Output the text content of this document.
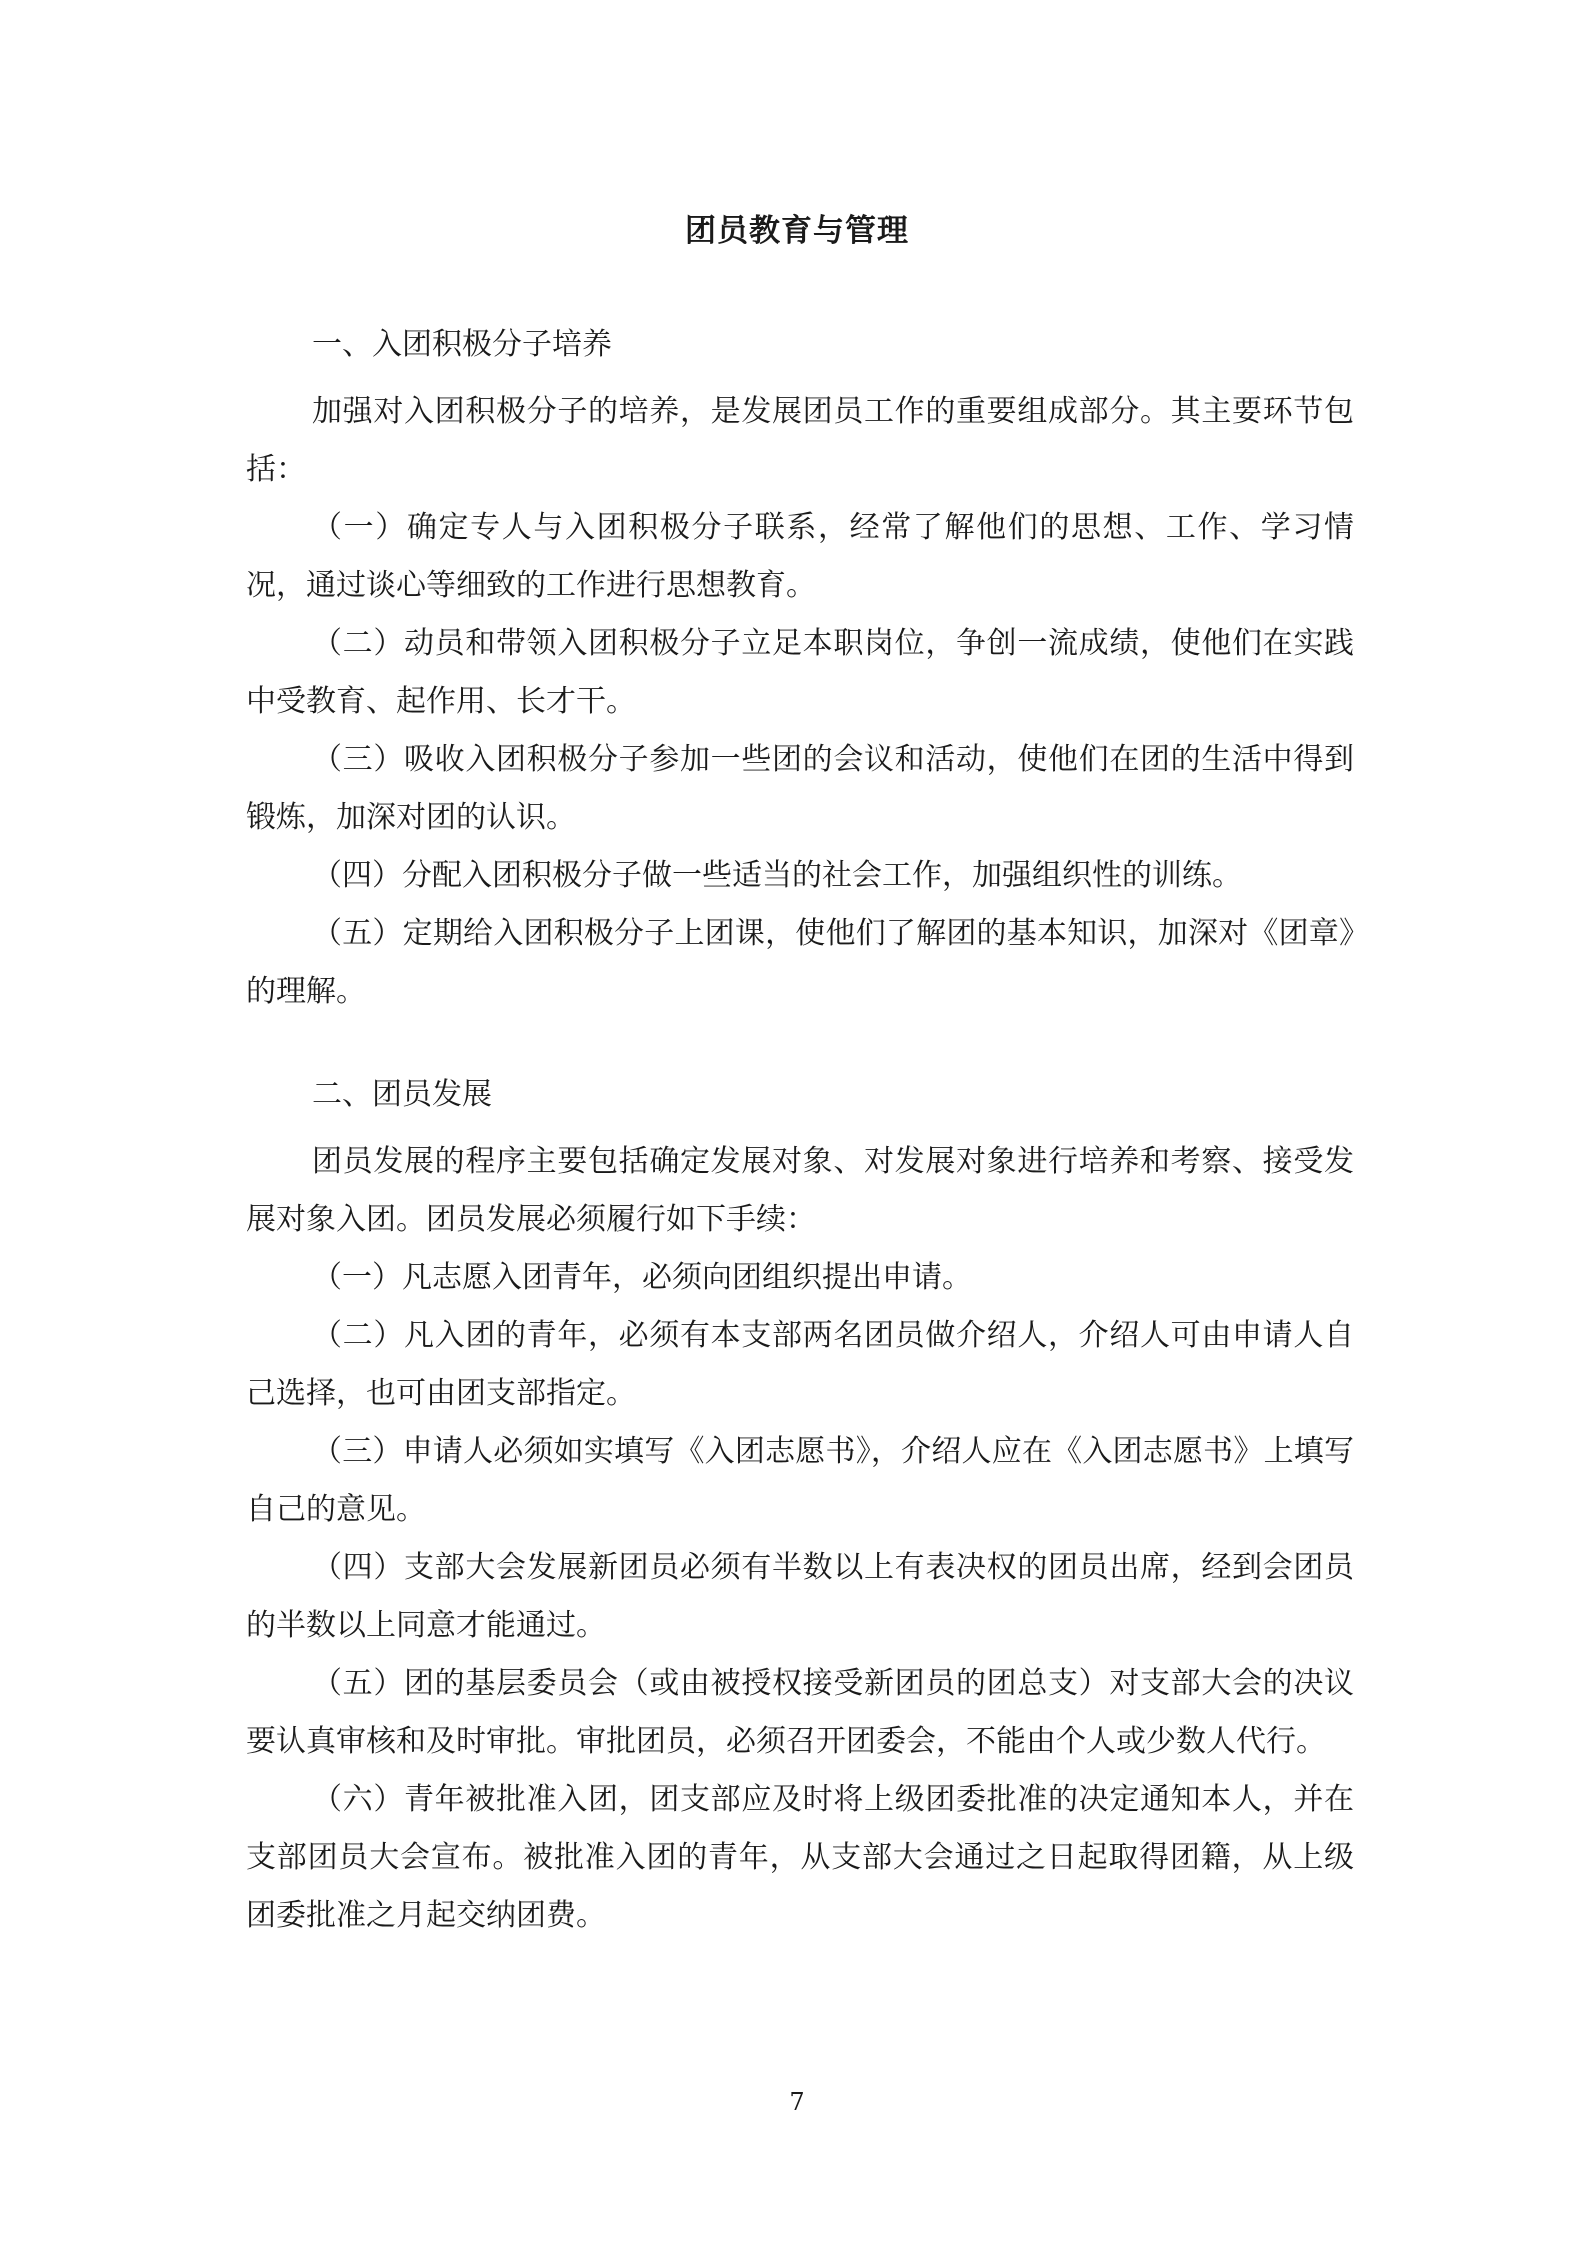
团员教育与管理
一、入团积极分子培养

加强对入团积极分子的培养，是发展团员工作的重要组成部分。其主要环节包括：

（一）确定专人与入团积极分子联系，经常了解他们的思想、工作、学习情况，通过谈心等细致的工作进行思想教育。

（二）动员和带领入团积极分子立足本职岗位，争创一流成绩，使他们在实践中受教育、起作用、长才干。

（三）吸收入团积极分子参加一些团的会议和活动，使他们在团的生活中得到锻炼，加深对团的认识。

（四）分配入团积极分子做一些适当的社会工作，加强组织性的训练。

（五）定期给入团积极分子上团课，使他们了解团的基本知识，加深对《团章》的理解。

二、团员发展

团员发展的程序主要包括确定发展对象、对发展对象进行培养和考察、接受发展对象入团。团员发展必须履行如下手续：

（一）凡志愿入团青年，必须向团组织提出申请。

（二）凡入团的青年，必须有本支部两名团员做介绍人，介绍人可由申请人自己选择，也可由团支部指定。

（三）申请人必须如实填写《入团志愿书》，介绍人应在《入团志愿书》上填写自己的意见。

（四）支部大会发展新团员必须有半数以上有表决权的团员出席，经到会团员的半数以上同意才能通过。

（五）团的基层委员会（或由被授权接受新团员的团总支）对支部大会的决议要认真审核和及时审批。审批团员，必须召开团委会，不能由个人或少数人代行。

（六）青年被批准入团，团支部应及时将上级团委批准的决定通知本人，并在支部团员大会宣布。被批准入团的青年，从支部大会通过之日起取得团籍，从上级团委批准之月起交纳团费。

7
